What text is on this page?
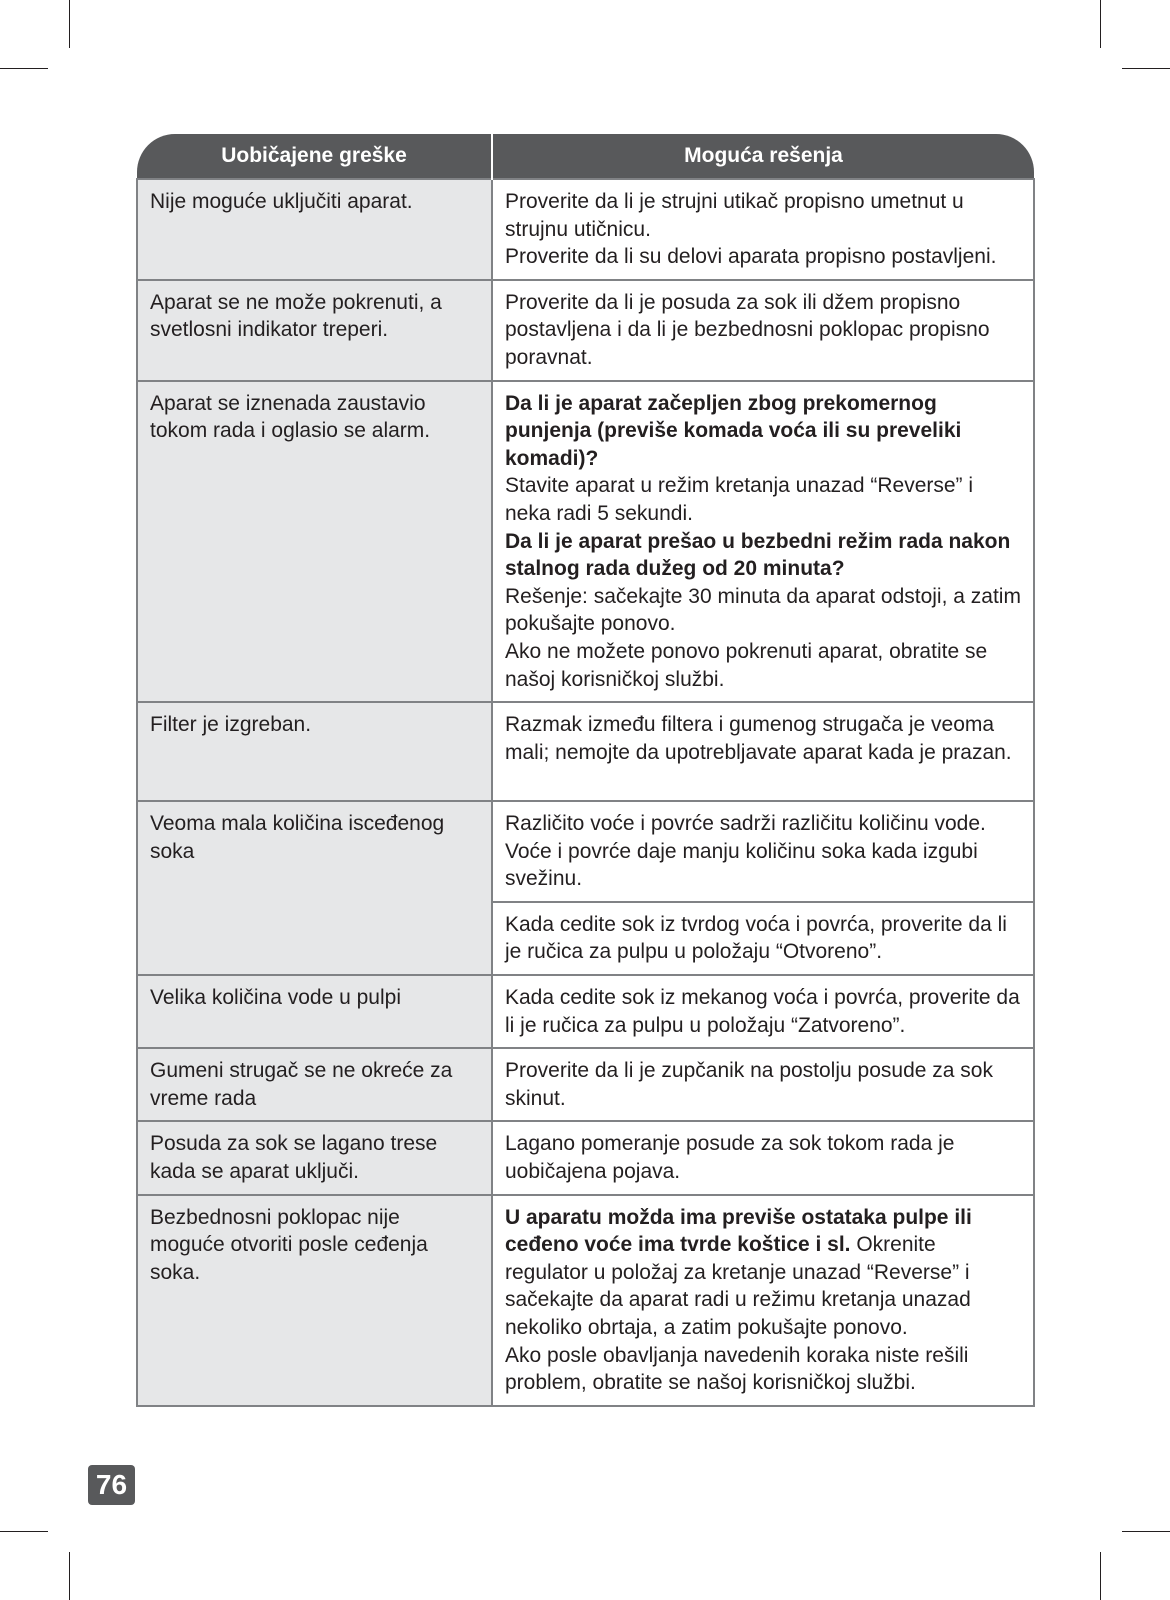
Uobičajene greške	Moguća rešenja
Nije moguće uključiti aparat.	Proverite da li je strujni utikač propisno umetnut u strujnu utičnicu.
Proverite da li su delovi aparata propisno postavljeni.

Aparat se ne može pokrenuti, a svetlosni indikator treperi.	Proverite da li je posuda za sok ili džem propisno postavljena i da li je bezbednosni poklopac propisno poravnat.

Aparat se iznenada zaustavio tokom rada i oglasio se alarm.	Da li je aparat začepljen zbog prekomernog punjenja (previše komada voća ili su preveliki komadi)?
Stavite aparat u režim kretanja unazad “Reverse” i neka radi 5 sekundi.
Da li je aparat prešao u bezbedni režim rada nakon stalnog rada dužeg od 20 minuta?
Rešenje: sačekajte 30 minuta da aparat odstoji, a zatim pokušajte ponovo.
Ako ne možete ponovo pokrenuti aparat, obratite se našoj korisničkoj službi.

Filter je izgreban.	Razmak između filtera i gumenog strugača je veoma mali; nemojte da upotrebljavate aparat kada je prazan.

Veoma mala količina isceđenog soka	Različito voće i povrće sadrži različitu količinu vode. Voće i povrće daje manju količinu soka kada izgubi svežinu.

	Kada cedite sok iz tvrdog voća i povrća, proverite da li je ručica za pulpu u položaju “Otvoreno”.

Velika količina vode u pulpi	Kada cedite sok iz mekanog voća i povrća, proverite da li je ručica za pulpu u položaju “Zatvoreno”.

Gumeni strugač se ne okreće za vreme rada	Proverite da li je zupčanik na postolju posude za sok skinut.

Posuda za sok se lagano trese kada se aparat uključi.	Lagano pomeranje posude za sok tokom rada je uobičajena pojava.

Bezbednosni poklopac nije moguće otvoriti posle ceđenja soka.	U aparatu možda ima previše ostataka pulpe ili ceđeno voće ima tvrde koštice i sl. Okrenite regulator u položaj za kretanje unazad “Reverse” i sačekajte da aparat radi u režimu kretanja unazad nekoliko obrtaja, a zatim pokušajte ponovo.
Ako posle obavljanja navedenih koraka niste rešili problem, obratite se našoj korisničkoj službi.
76
